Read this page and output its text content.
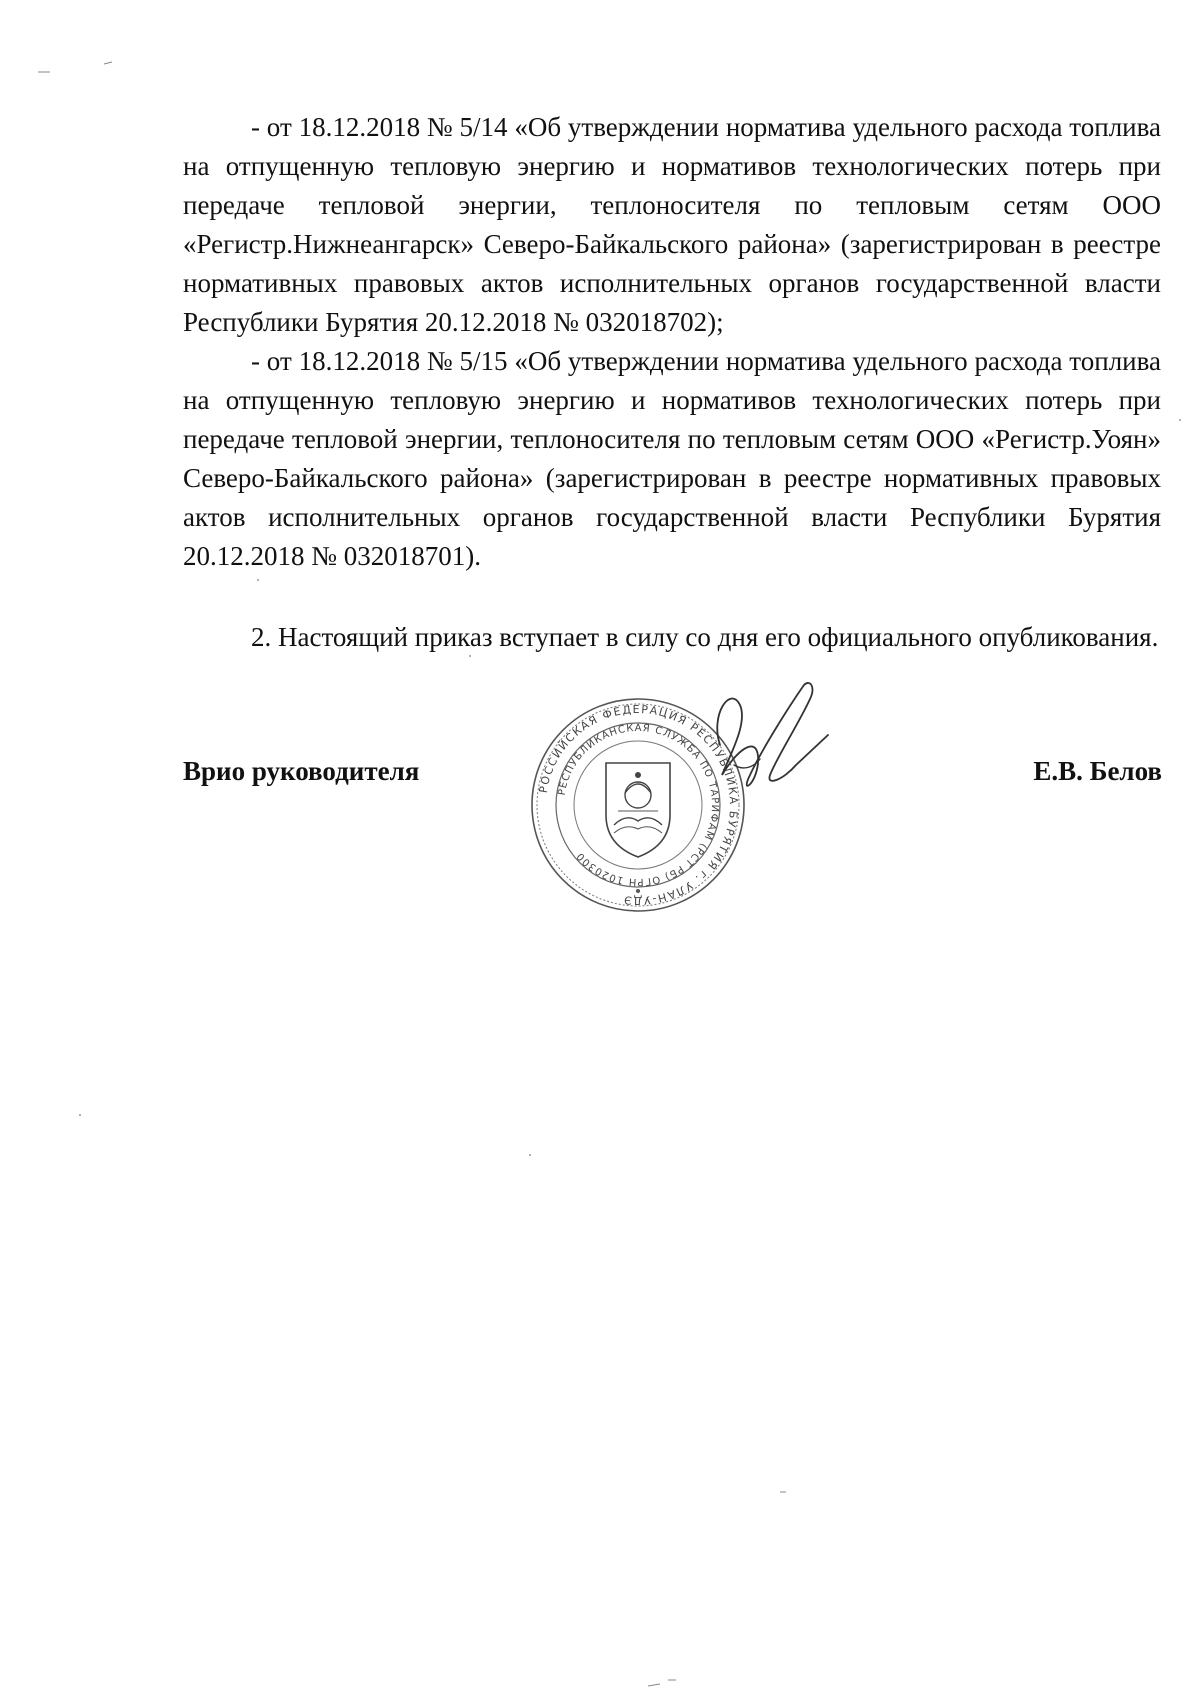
- от 18.12.2018 № 5/14 «Об утверждении норматива удельного расхода топлива на отпущенную тепловую энергию и нормативов технологических потерь при передаче тепловой энергии, теплоносителя по тепловым сетям ООО «Регистр.Нижнеангарск» Северо-Байкальского района» (зарегистрирован в реестре нормативных правовых актов исполнительных органов государственной власти Республики Бурятия 20.12.2018 № 032018702);

- от 18.12.2018 № 5/15 «Об утверждении норматива удельного расхода топлива на отпущенную тепловую энергию и нормативов технологических потерь при передаче тепловой энергии, теплоносителя по тепловым сетям ООО «Регистр.Уоян» Северо-Байкальского района» (зарегистрирован в реестре нормативных правовых актов исполнительных органов государственной власти Республики Бурятия 20.12.2018 № 032018701).

2. Настоящий приказ вступает в силу со дня его официального опубликования.

Врио руководителя	Е.В. Белов
РОССИЙСКАЯ ФЕДЕРАЦИЯ РЕСПУБЛИКА БУРЯТИЯ г. УЛАН-УДЭ
РЕСПУБЛИКАНСКАЯ СЛУЖБА ПО ТАРИФАМ (РСТ РБ) ОГРН 1020300
